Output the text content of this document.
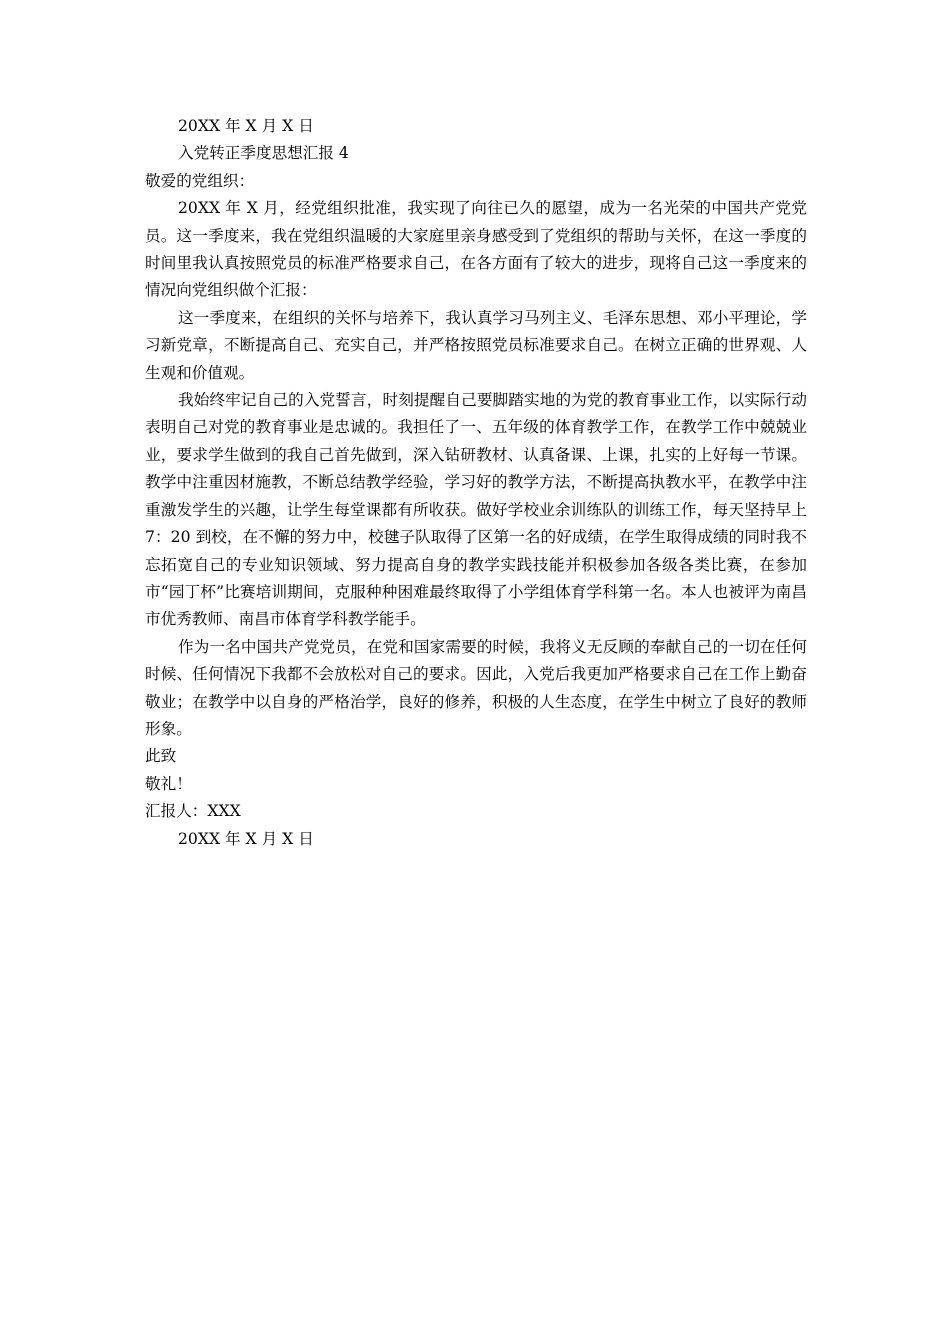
20XX 年 X 月 X 日

入党转正季度思想汇报 4

敬爱的党组织：

20XX 年 X 月，经党组织批准，我实现了向往已久的愿望，成为一名光荣的中国共产党党员。这一季度来，我在党组织温暖的大家庭里亲身感受到了党组织的帮助与关怀，在这一季度的时间里我认真按照党员的标准严格要求自己，在各方面有了较大的进步，现将自己这一季度来的情况向党组织做个汇报：

这一季度来，在组织的关怀与培养下，我认真学习马列主义、毛泽东思想、邓小平理论，学习新党章，不断提高自己、充实自己，并严格按照党员标准要求自己。在树立正确的世界观、人生观和价值观。

我始终牢记自己的入党誓言，时刻提醒自己要脚踏实地的为党的教育事业工作，以实际行动表明自己对党的教育事业是忠诚的。我担任了一、五年级的体育教学工作，在教学工作中兢兢业业，要求学生做到的我自己首先做到，深入钻研教材、认真备课、上课，扎实的上好每一节课。教学中注重因材施教，不断总结教学经验，学习好的教学方法，不断提高执教水平，在教学中注重激发学生的兴趣，让学生每堂课都有所收获。做好学校业余训练队的训练工作，每天坚持早上 7：20 到校，在不懈的努力中，校毽子队取得了区第一名的好成绩，在学生取得成绩的同时我不忘拓宽自己的专业知识领域、努力提高自身的教学实践技能并积极参加各级各类比赛，在参加市“园丁杯”比赛培训期间，克服种种困难最终取得了小学组体育学科第一名。本人也被评为南昌市优秀教师、南昌市体育学科教学能手。

作为一名中国共产党党员，在党和国家需要的时候，我将义无反顾的奉献自己的一切在任何时候、任何情况下我都不会放松对自己的要求。因此，入党后我更加严格要求自己在工作上勤奋敬业；在教学中以自身的严格治学，良好的修养，积极的人生态度，在学生中树立了良好的教师形象。

此致

敬礼！

汇报人：XXX

20XX 年 X 月 X 日
